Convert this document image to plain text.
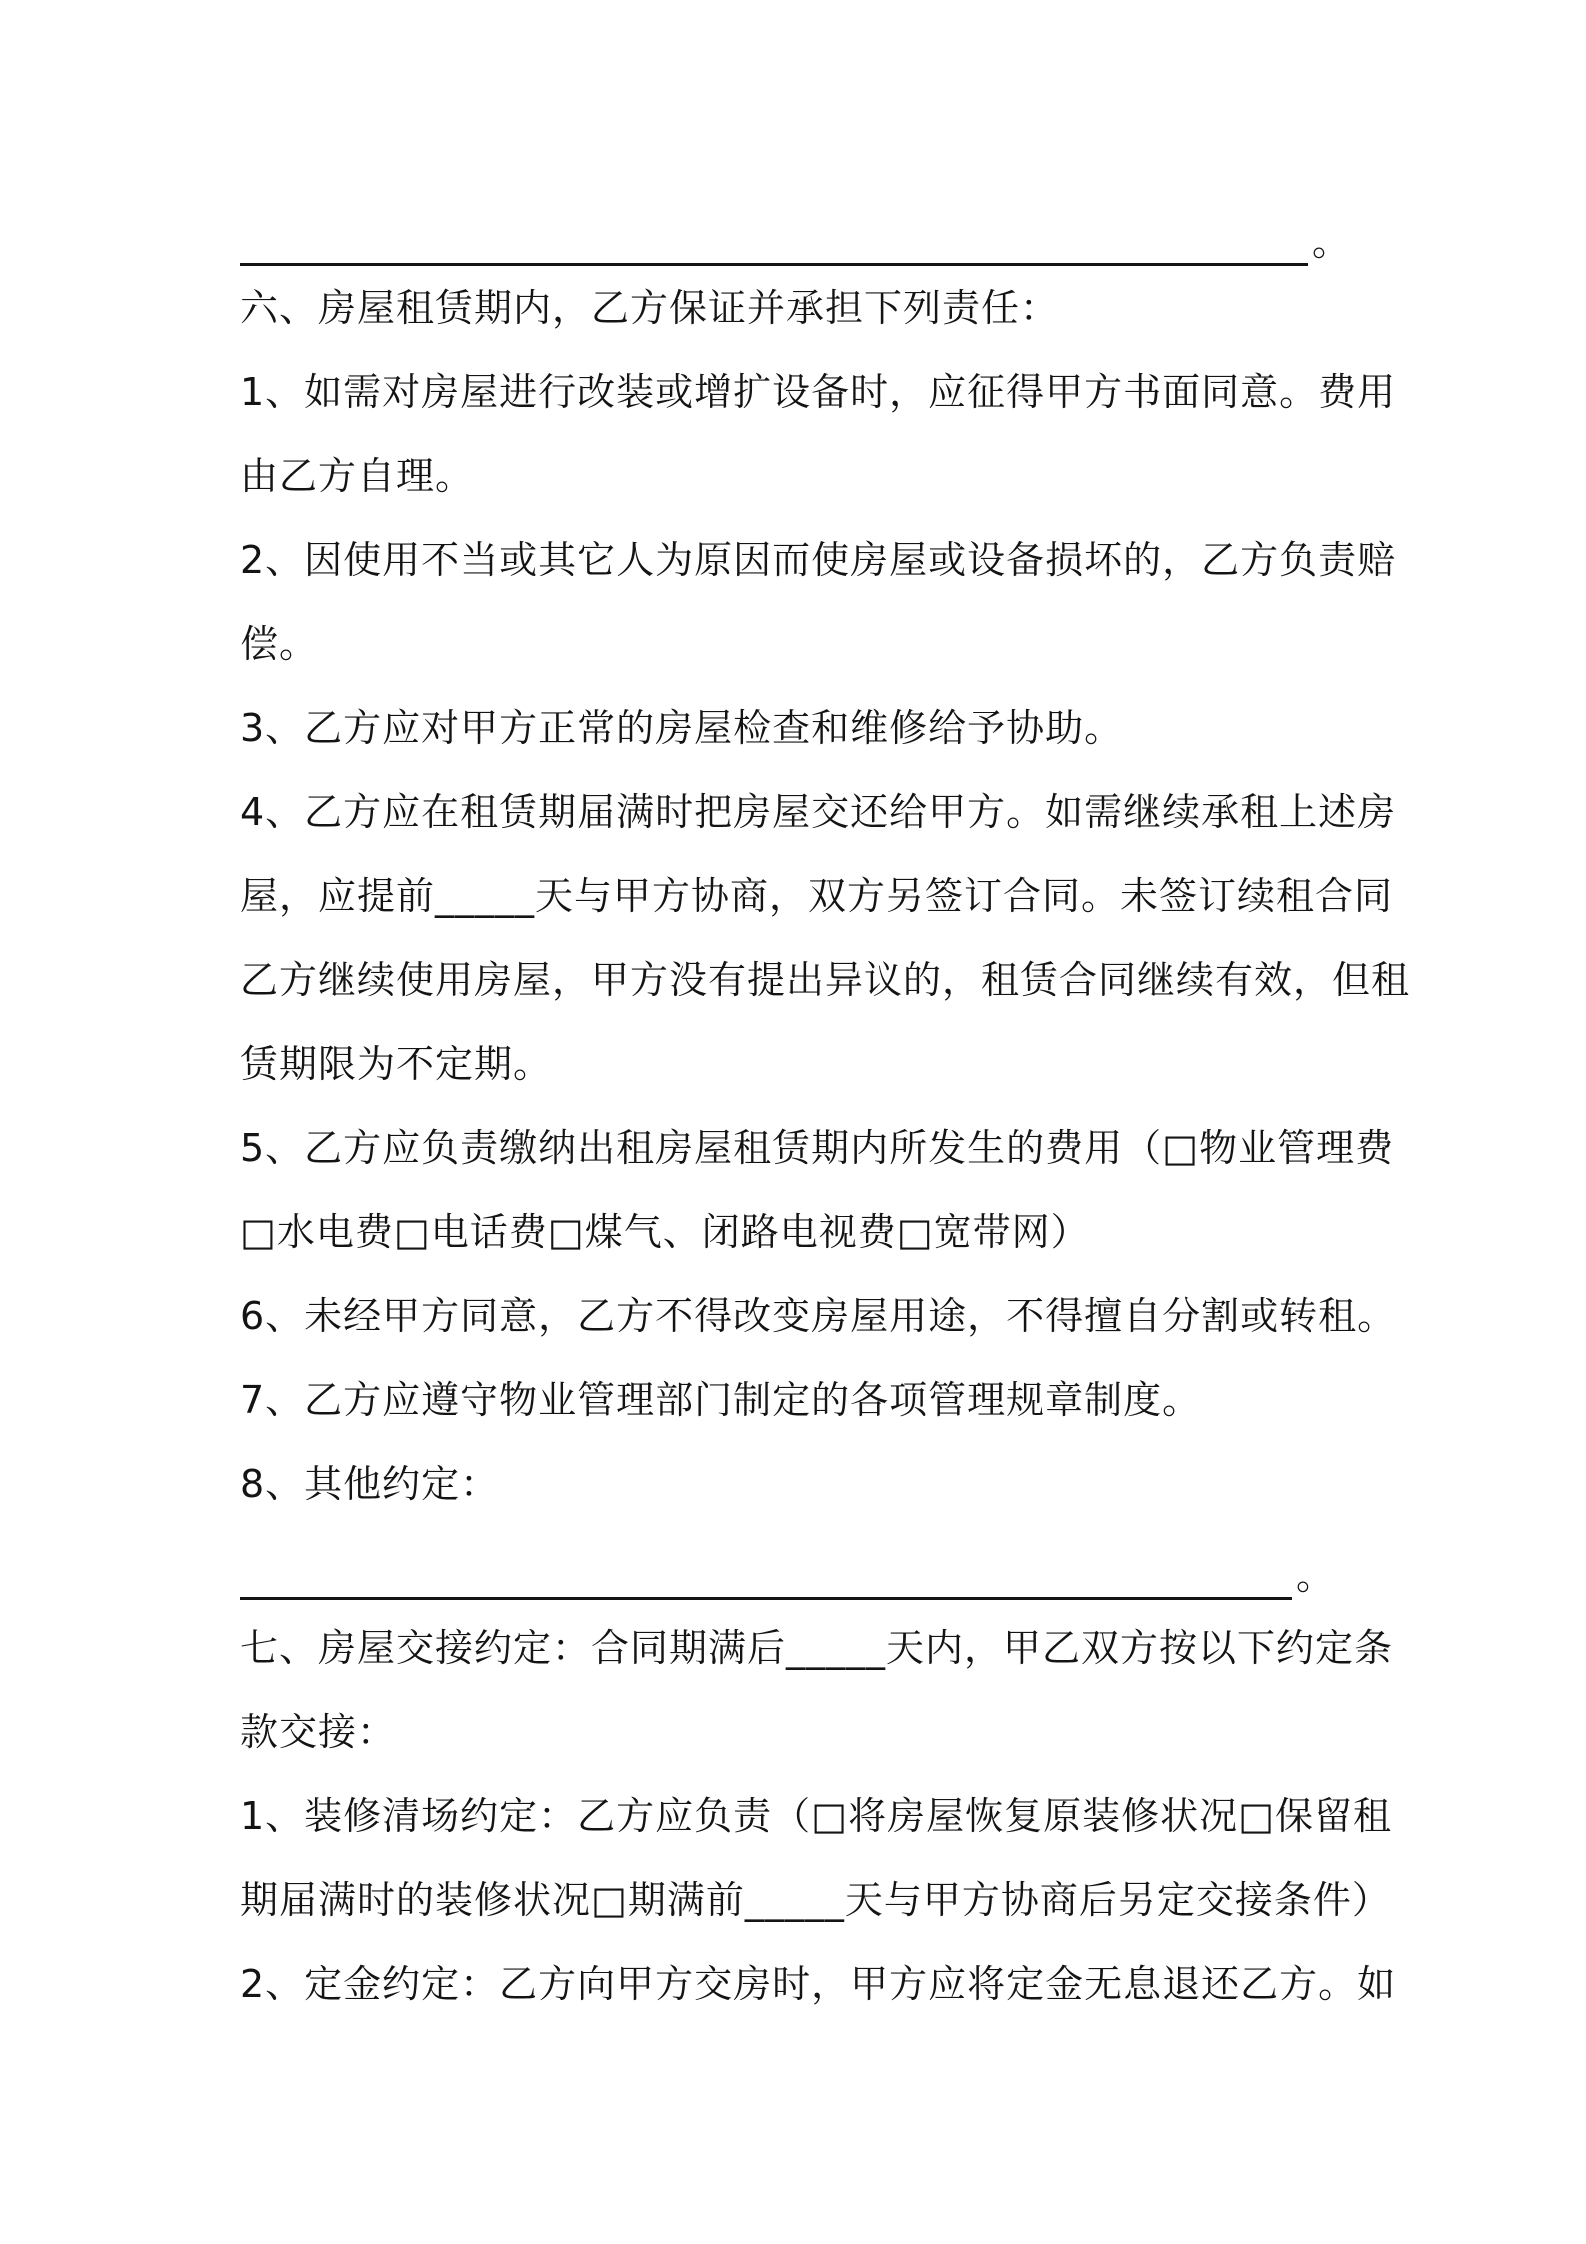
。
六、房屋租赁期内，乙方保证并承担下列责任：
1、如需对房屋进行改装或增扩设备时，应征得甲方书面同意。费用
由乙方自理。
2、因使用不当或其它人为原因而使房屋或设备损坏的，乙方负责赔
偿。
3、乙方应对甲方正常的房屋检查和维修给予协助。
4、乙方应在租赁期届满时把房屋交还给甲方。如需继续承租上述房
屋，应提前_____天与甲方协商，双方另签订合同。未签订续租合同
乙方继续使用房屋，甲方没有提出异议的，租赁合同继续有效，但租
赁期限为不定期。
5、乙方应负责缴纳出租房屋租赁期内所发生的费用（□物业管理费
□水电费□电话费□煤气、闭路电视费□宽带网）
6、未经甲方同意，乙方不得改变房屋用途，不得擅自分割或转租。
7、乙方应遵守物业管理部门制定的各项管理规章制度。
8、其他约定：
。
七、房屋交接约定：合同期满后_____天内，甲乙双方按以下约定条
款交接：
1、装修清场约定：乙方应负责（□将房屋恢复原装修状况□保留租
期届满时的装修状况□期满前_____天与甲方协商后另定交接条件）
2、定金约定：乙方向甲方交房时，甲方应将定金无息退还乙方。如
